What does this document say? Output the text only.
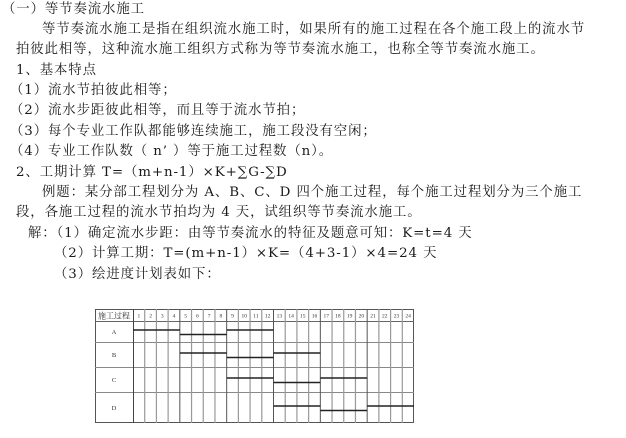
（一）等节奏流水施工
等节奏流水施工是指在组织流水施工时，如果所有的施工过程在各个施工段上的流水节
拍彼此相等，这种流水施工组织方式称为等节奏流水施工，也称全等节奏流水施工。
1、基本特点
（1）流水节拍彼此相等；
（2）流水步距彼此相等，而且等于流水节拍；
（3）每个专业工作队都能够连续施工，施工段没有空闲；
（4）专业工作队数（ n’ ）等于施工过程数（n）。
2、工期计算 T=（m+n-1）×K+∑G-∑D
例题：某分部工程划分为 A、B、C、D 四个施工过程，每个施工过程划分为三个施工
段，各施工过程的流水节拍均为 4 天，试组织等节奏流水施工。
解：（1）确定流水步距：由等节奏流水的特征及题意可知：K=t=4 天
（2）计算工期：T=(m+n-1）×K=（4+3-1）×4=24 天
（3）绘进度计划表如下：
施工过程 1 2 3 4 5 6 7 8 9 10 11 12 13 14 15 16 17 18 19 20 21 22 23 24
A
B
C
D
